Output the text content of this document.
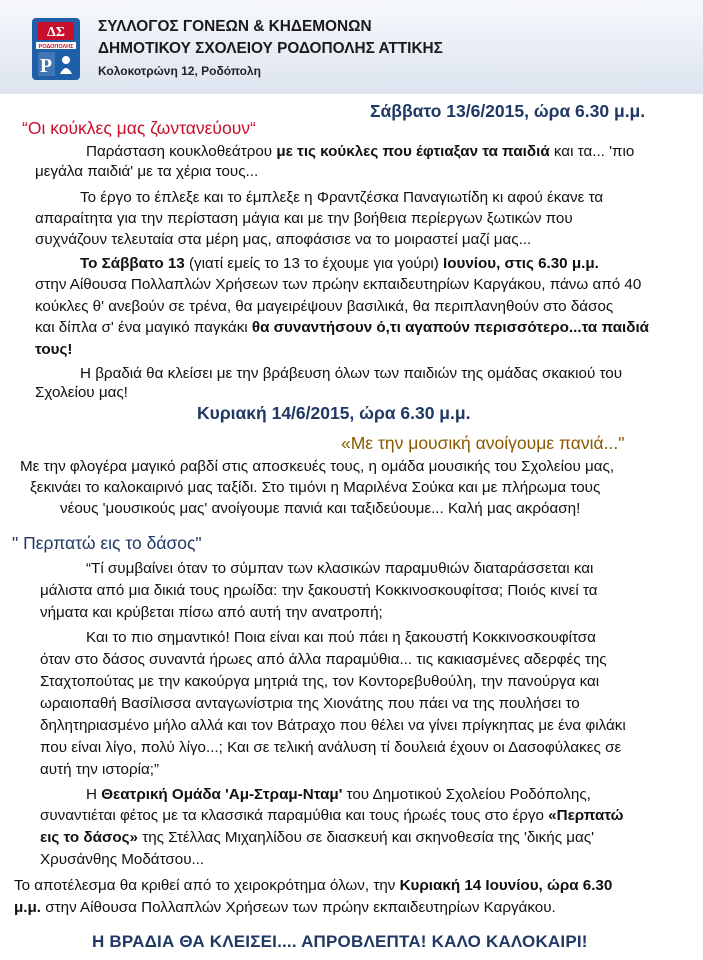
ΔΣ
ΡΟΔΟΠΟΛΗΣ
P
ΣΥΛΛΟΓΟΣ ΓΟΝΕΩΝ & ΚΗΔΕΜΟΝΩΝ
ΔΗΜΟΤΙΚΟΥ ΣΧΟΛΕΙΟΥ ΡΟΔΟΠΟΛΗΣ ΑΤΤΙΚΗΣ
Κολοκοτρώνη 12, Ροδόπολη
Σάββατο 13/6/2015, ώρα 6.30 μ.μ.
“Οι κούκλες μας ζωντανεύουν“
Παράσταση κουκλοθεάτρου με τις κούκλες που έφτιαξαν τα παιδιά και τα... 'πιο
μεγάλα παιδιά' με τα χέρια τους...
Το έργο το έπλεξε και το έμπλεξε η Φραντζέσκα Παναγιωτίδη κι αφού έκανε τα
απαραίτητα για την περίσταση μάγια και με την βοήθεια περίεργων ξωτικών που
συχνάζουν τελευταία στα μέρη μας, αποφάσισε να το μοιραστεί μαζί μας...
Το Σάββατο 13 (γιατί εμείς το 13 το έχουμε για γούρι) Ιουνίου, στις 6.30 μ.μ.
στην Αίθουσα Πολλαπλών Χρήσεων των πρώην εκπαιδευτηρίων Καργάκου, πάνω από 40
κούκλες θ' ανεβούν σε τρένα, θα μαγειρέψουν βασιλικά, θα περιπλανηθούν στο δάσος
και δίπλα σ' ένα μαγικό παγκάκι θα συναντήσουν ό,τι αγαπούν περισσότερο...τα παιδιά
τους!
Η βραδιά θα κλείσει με την βράβευση όλων των παιδιών της ομάδας σκακιού του
Σχολείου μας!
Κυριακή 14/6/2015, ώρα 6.30 μ.μ.
«Με την μουσική ανοίγουμε πανιά..."
Με την φλογέρα μαγικό ραβδί στις αποσκευές τους, η ομάδα μουσικής του Σχολείου μας,
ξεκινάει το καλοκαιρινό μας ταξίδι. Στο τιμόνι η Μαριλένα Σούκα και με πλήρωμα τους
νέους 'μουσικούς μας' ανοίγουμε πανιά και ταξιδεύουμε... Καλή μας ακρόαση!
" Περπατώ εις το δάσος"
“Τί συμβαίνει όταν το σύμπαν των κλασικών παραμυθιών διαταράσσεται και
μάλιστα από μια δικιά τους ηρωίδα: την ξακουστή Κοκκινοσκουφίτσα; Ποιός κινεί τα
νήματα και κρύβεται πίσω από αυτή την ανατροπή;
Και το πιο σημαντικό! Ποια είναι και πού πάει η ξακουστή Κοκκινοσκουφίτσα
όταν στο δάσος συναντά ήρωες από άλλα παραμύθια... τις κακιασμένες αδερφές της
Σταχτοπούτας με την κακούργα μητριά της, τον Κοντορεβυθούλη, την πανούργα και
ωραιοπαθή Βασίλισσα ανταγωνίστρια της Χιονάτης που πάει να της πουλήσει το
δηλητηριασμένο μήλο αλλά και τον Βάτραχο που θέλει να γίνει πρίγκηπας με ένα φιλάκι
που είναι λίγο, πολύ λίγο...; Και σε τελική ανάλυση τί δουλειά έχουν οι Δασοφύλακες σε
αυτή την ιστορία;”
Η Θεατρική Ομάδα 'Αμ-Στραμ-Νταμ' του Δημοτικού Σχολείου Ροδόπολης,
συναντιέται φέτος με τα κλασσικά παραμύθια και τους ήρωές τους στο έργο «Περπατώ
εις το δάσος» της Στέλλας Μιχαηλίδου σε διασκευή και σκηνοθεσία της 'δικής μας'
Χρυσάνθης Μοδάτσου...
Το αποτέλεσμα θα κριθεί από το χειροκρότημα όλων, την Κυριακή 14 Ιουνίου, ώρα 6.30
μ.μ. στην Αίθουσα Πολλαπλών Χρήσεων των πρώην εκπαιδευτηρίων Καργάκου.
Η ΒΡΑΔΙΑ ΘΑ ΚΛΕΙΣΕΙ.... ΑΠΡΟΒΛΕΠΤΑ! ΚΑΛΟ ΚΑΛΟΚΑΙΡΙ!
